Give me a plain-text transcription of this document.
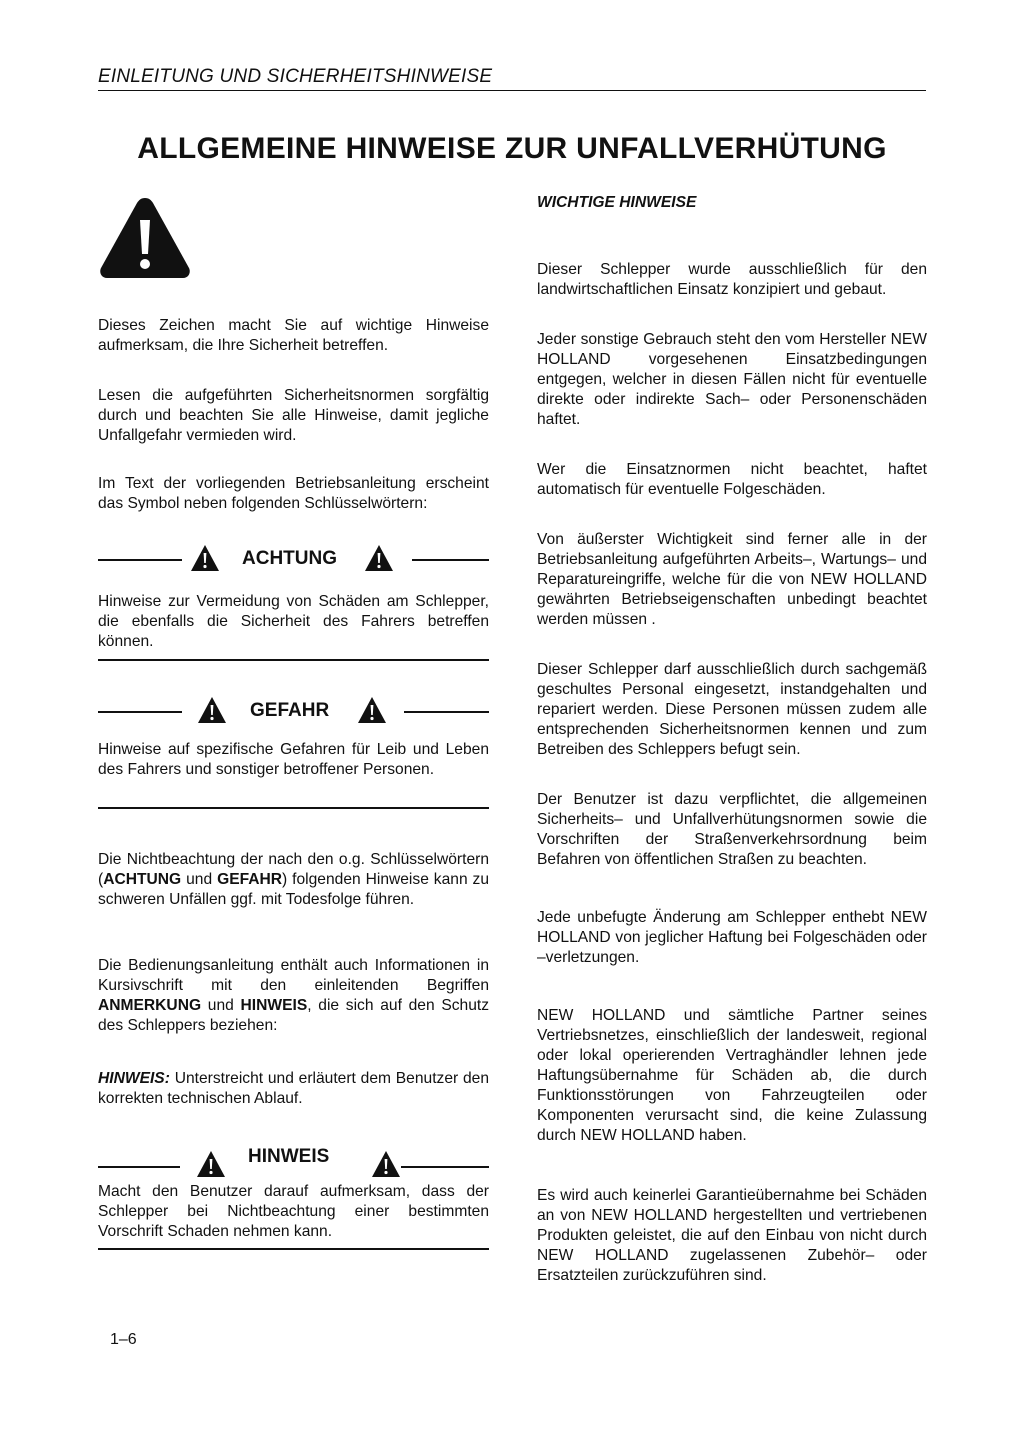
EINLEITUNG UND SICHERHEITSHINWEISE
ALLGEMEINE HINWEISE ZUR UNFALLVERHÜTUNG

Dieses Zeichen macht Sie auf wichtige Hinweise aufmerksam, die Ihre Sicherheit betreffen.

Lesen die aufgeführten Sicherheitsnormen sorgfältig durch und beachten Sie alle Hinweise, damit jegliche Unfallgefahr vermieden wird.

Im Text der vorliegenden Betriebsanleitung erscheint das Symbol neben folgenden Schlüsselwörtern:

ACHTUNG

Hinweise zur Vermeidung von Schäden am Schlepper, die ebenfalls die Sicherheit des Fahrers betreffen können.

GEFAHR

Hinweise auf spezifische Gefahren für Leib und Leben des Fahrers und sonstiger betroffener Personen.

Die Nichtbeachtung der nach den o.g. Schlüsselwörtern (ACHTUNG und GEFAHR) folgenden Hinweise kann zu schweren Unfällen ggf. mit Todesfolge führen.

Die Bedienungsanleitung enthält auch Informationen in Kursivschrift mit den einleitenden Begriffen ANMERKUNG und HINWEIS, die sich auf den Schutz des Schleppers beziehen:

HINWEIS: Unterstreicht und erläutert dem Benutzer den korrekten technischen Ablauf.

HINWEIS

Macht den Benutzer darauf aufmerksam, dass der Schlepper bei Nichtbeachtung einer bestimmten Vorschrift Schaden nehmen kann.

WICHTIGE HINWEISE

Dieser Schlepper wurde ausschließlich für den landwirtschaftlichen Einsatz konzipiert und gebaut.

Jeder sonstige Gebrauch steht den vom Hersteller NEW HOLLAND vorgesehenen Einsatzbedingungen entgegen, welcher in diesen Fällen nicht für eventuelle direkte oder indirekte Sach– oder Personenschäden haftet.

Wer die Einsatznormen nicht beachtet, haftet automatisch für eventuelle Folgeschäden.

Von äußerster Wichtigkeit sind ferner alle in der Betriebsanleitung aufgeführten Arbeits–, Wartungs– und Reparatureingriffe, welche für die von NEW HOLLAND gewährten Betriebseigenschaften unbedingt beachtet werden müssen .

Dieser Schlepper darf ausschließlich durch sachgemäß geschultes Personal eingesetzt, instandgehalten und repariert werden. Diese Personen müssen zudem alle entsprechenden Sicherheitsnormen kennen und zum Betreiben des Schleppers befugt sein.

Der Benutzer ist dazu verpflichtet, die allgemeinen Sicherheits– und Unfallverhütungsnormen sowie die Vorschriften der Straßenverkehrsordnung beim Befahren von öffentlichen Straßen zu beachten.

Jede unbefugte Änderung am Schlepper enthebt NEW HOLLAND von jeglicher Haftung bei Folgeschäden oder –verletzungen.

NEW HOLLAND und sämtliche Partner seines Vertriebsnetzes, einschließlich der landesweit, regional oder lokal operierenden Vertraghändler lehnen jede Haftungsübernahme für Schäden ab, die durch Funktionsstörungen von Fahrzeugteilen oder Komponenten verursacht sind, die keine Zulassung durch NEW HOLLAND haben.

Es wird auch keinerlei Garantieübernahme bei Schäden an von NEW HOLLAND hergestellten und vertriebenen Produkten geleistet, die auf den Einbau von nicht durch NEW HOLLAND zugelassenen Zubehör– oder Ersatzteilen zurückzuführen sind.

1–6
